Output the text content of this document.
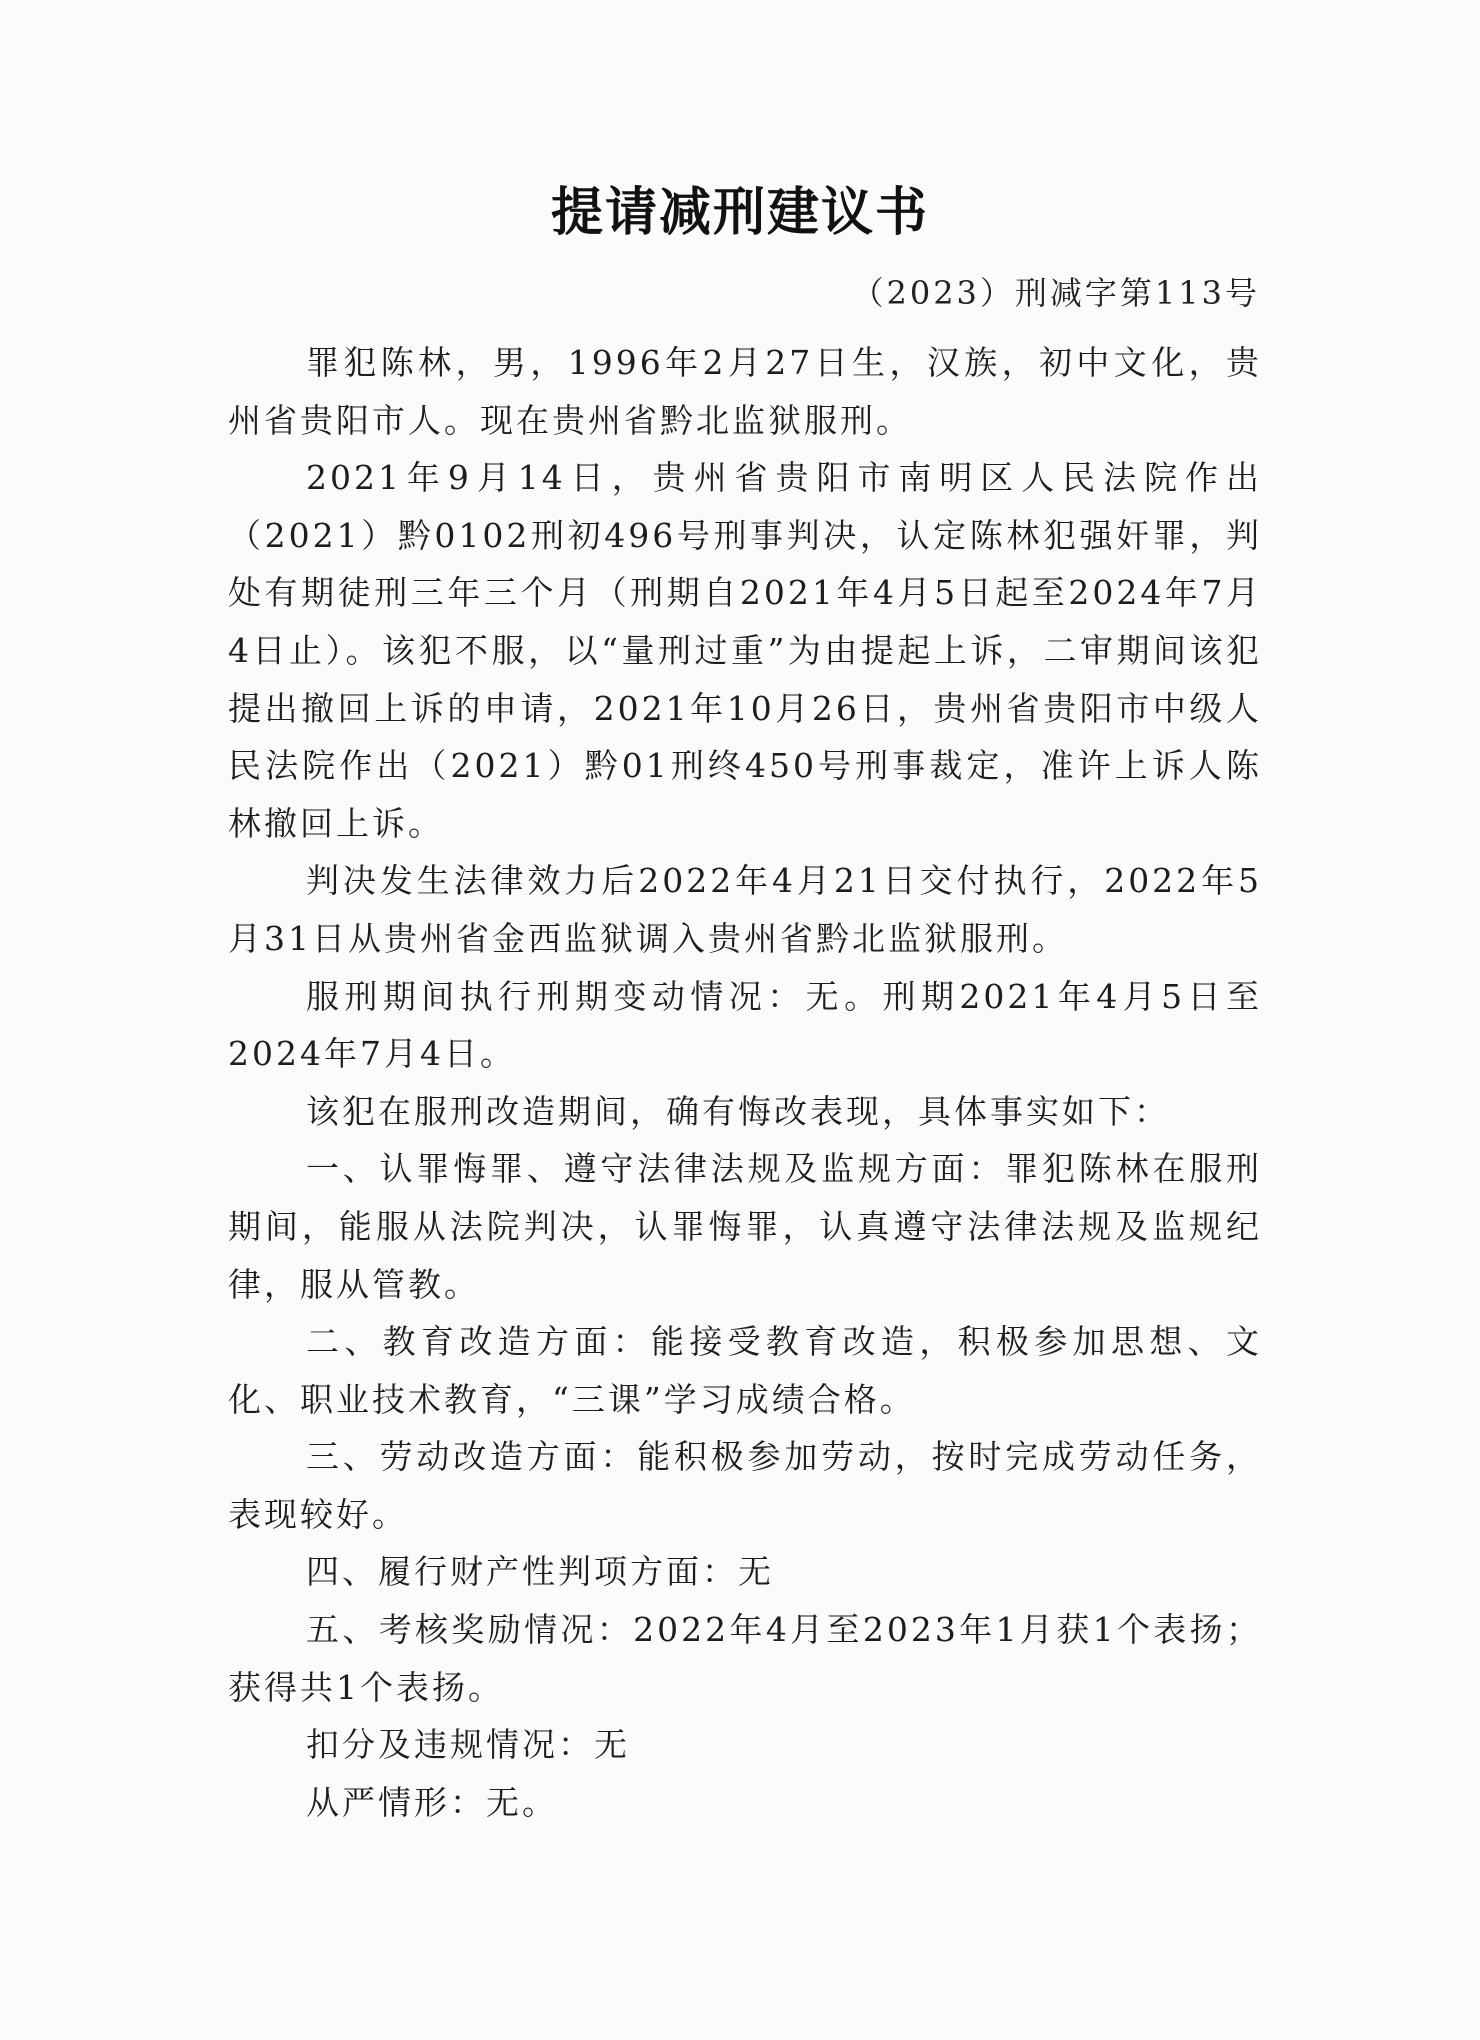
提请减刑建议书
（2023）刑减字第113号

罪犯陈林，男，1996年2月27日生，汉族，初中文化，贵州省贵阳市人。现在贵州省黔北监狱服刑。

2021年9月14日，贵州省贵阳市南明区人民法院作出（2021）黔0102刑初496号刑事判决，认定陈林犯强奸罪，判处有期徒刑三年三个月（刑期自2021年4月5日起至2024年7月4日止）。该犯不服，以“量刑过重”为由提起上诉，二审期间该犯提出撤回上诉的申请，2021年10月26日，贵州省贵阳市中级人民法院作出（2021）黔01刑终450号刑事裁定，准许上诉人陈林撤回上诉。

判决发生法律效力后2022年4月21日交付执行，2022年5月31日从贵州省金西监狱调入贵州省黔北监狱服刑。

服刑期间执行刑期变动情况：无。刑期2021年4月5日至2024年7月4日。

该犯在服刑改造期间，确有悔改表现，具体事实如下：

一、认罪悔罪、遵守法律法规及监规方面：罪犯陈林在服刑期间，能服从法院判决，认罪悔罪，认真遵守法律法规及监规纪律，服从管教。

二、教育改造方面：能接受教育改造，积极参加思想、文化、职业技术教育，“三课”学习成绩合格。

三、劳动改造方面：能积极参加劳动，按时完成劳动任务，表现较好。

四、履行财产性判项方面：无

五、考核奖励情况：2022年4月至2023年1月获1个表扬；获得共1个表扬。

扣分及违规情况：无

从严情形：无。
